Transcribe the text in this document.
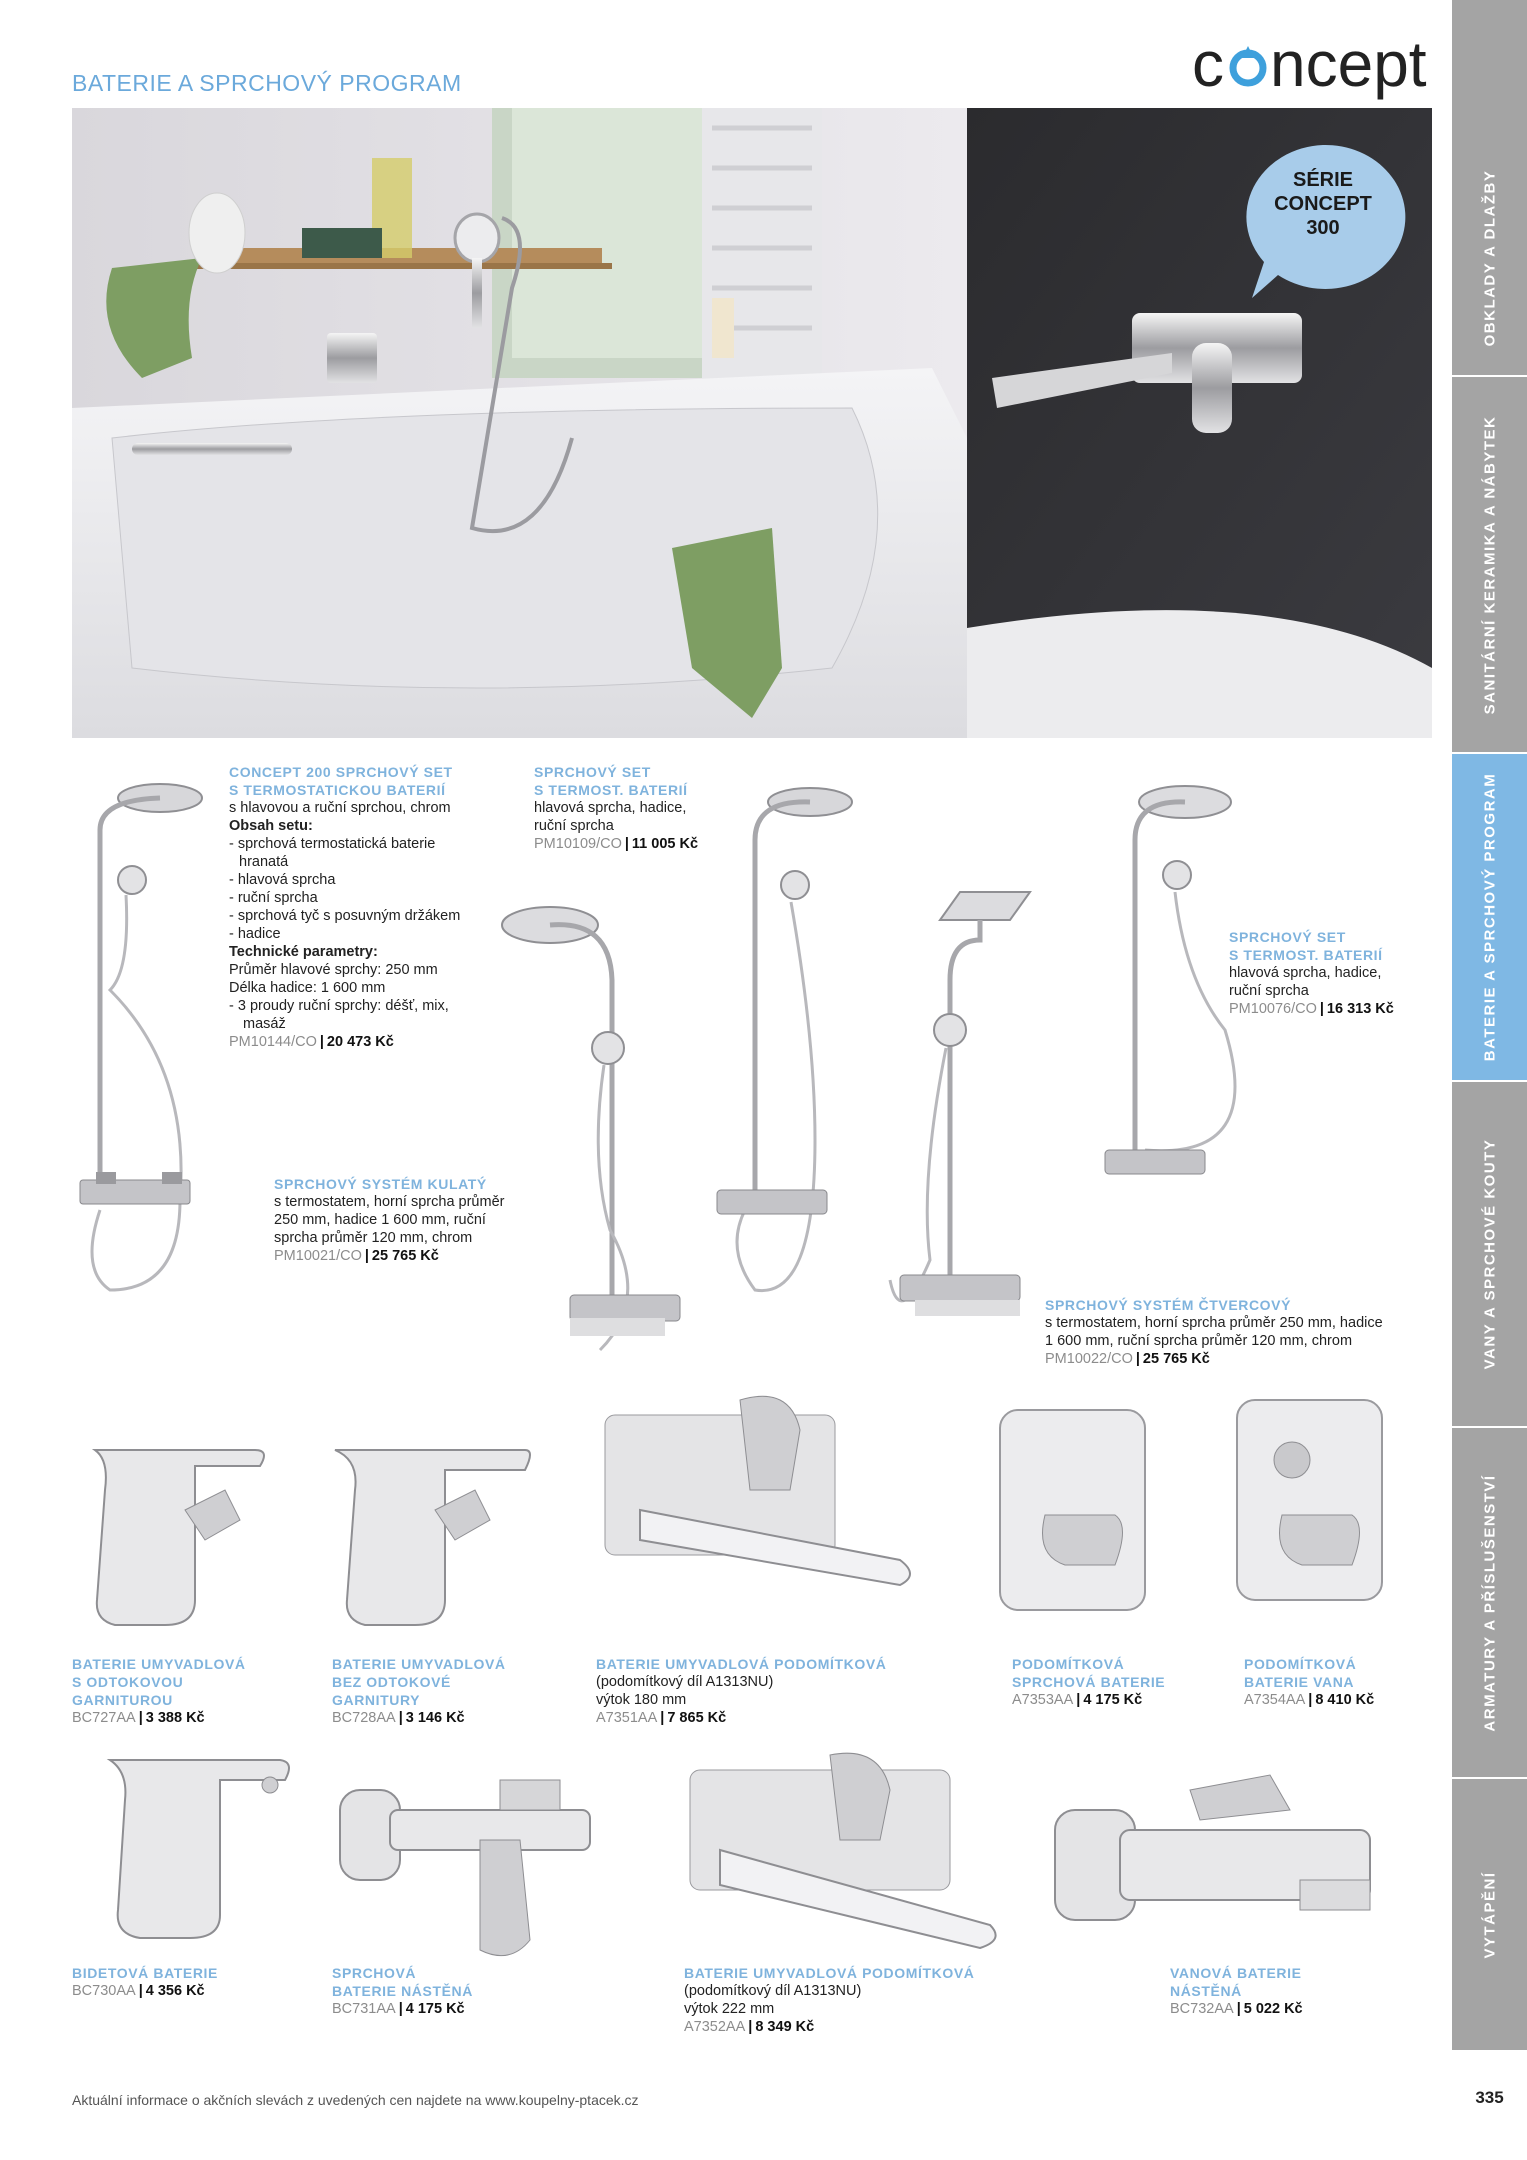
BATERIE A SPRCHOVÝ PROGRAM	c ncept
OBKLADY A DLAŽBY
SANITÁRNÍ KERAMIKA A NÁBYTEK
BATERIE A SPRCHOVÝ PROGRAM
VANY A SPRCHOVÉ KOUTY
ARMATURY A PŘÍSLUŠENSTVÍ
VYTÁPĚNÍ
SÉRIE
CONCEPT
300
CONCEPT 200 SPRCHOVÝ SET
S TERMOSTATICKOU BATERIÍ
s hlavovou a ruční sprchou, chrom
Obsah setu:
- sprchová termostatická baterie
hranatá
- hlavová sprcha
- ruční sprcha
- sprchová tyč s posuvným držákem
- hadice
Technické parametry:
Průměr hlavové sprchy: 250 mm
Délka hadice: 1 600 mm
- 3 proudy ruční sprchy: déšť, mix,
masáž
PM10144/CO | 20 473 Kč
SPRCHOVÝ SET
S TERMOST. BATERIÍ
hlavová sprcha, hadice,
ruční sprcha
PM10109/CO | 11 005 Kč
SPRCHOVÝ SET
S TERMOST. BATERIÍ
hlavová sprcha, hadice,
ruční sprcha
PM10076/CO | 16 313 Kč
SPRCHOVÝ SYSTÉM KULATÝ
s termostatem, horní sprcha průměr
250 mm, hadice 1 600 mm, ruční
sprcha průměr 120 mm, chrom
PM10021/CO | 25 765 Kč
SPRCHOVÝ SYSTÉM ČTVERCOVÝ
s termostatem, horní sprcha průměr 250 mm, hadice
1 600 mm, ruční sprcha průměr 120 mm, chrom
PM10022/CO | 25 765 Kč
BATERIE UMYVADLOVÁ
S ODTOKOVOU
GARNITUROU
BC727AA | 3 388 Kč
BATERIE UMYVADLOVÁ
BEZ ODTOKOVÉ
GARNITURY
BC728AA | 3 146 Kč
BATERIE UMYVADLOVÁ PODOMÍTKOVÁ
(podomítkový díl A1313NU)
výtok 180 mm
A7351AA | 7 865 Kč
PODOMÍTKOVÁ
SPRCHOVÁ BATERIE
A7353AA | 4 175 Kč
PODOMÍTKOVÁ
BATERIE VANA
A7354AA | 8 410 Kč
BIDETOVÁ BATERIE
BC730AA | 4 356 Kč
SPRCHOVÁ
BATERIE NÁSTĚNÁ
BC731AA | 4 175 Kč
BATERIE UMYVADLOVÁ PODOMÍTKOVÁ
(podomítkový díl A1313NU)
výtok 222 mm
A7352AA | 8 349 Kč
VANOVÁ BATERIE
NÁSTĚNÁ
BC732AA | 5 022 Kč
Aktuální informace o akčních slevách z uvedených cen najdete na www.koupelny-ptacek.cz	335
